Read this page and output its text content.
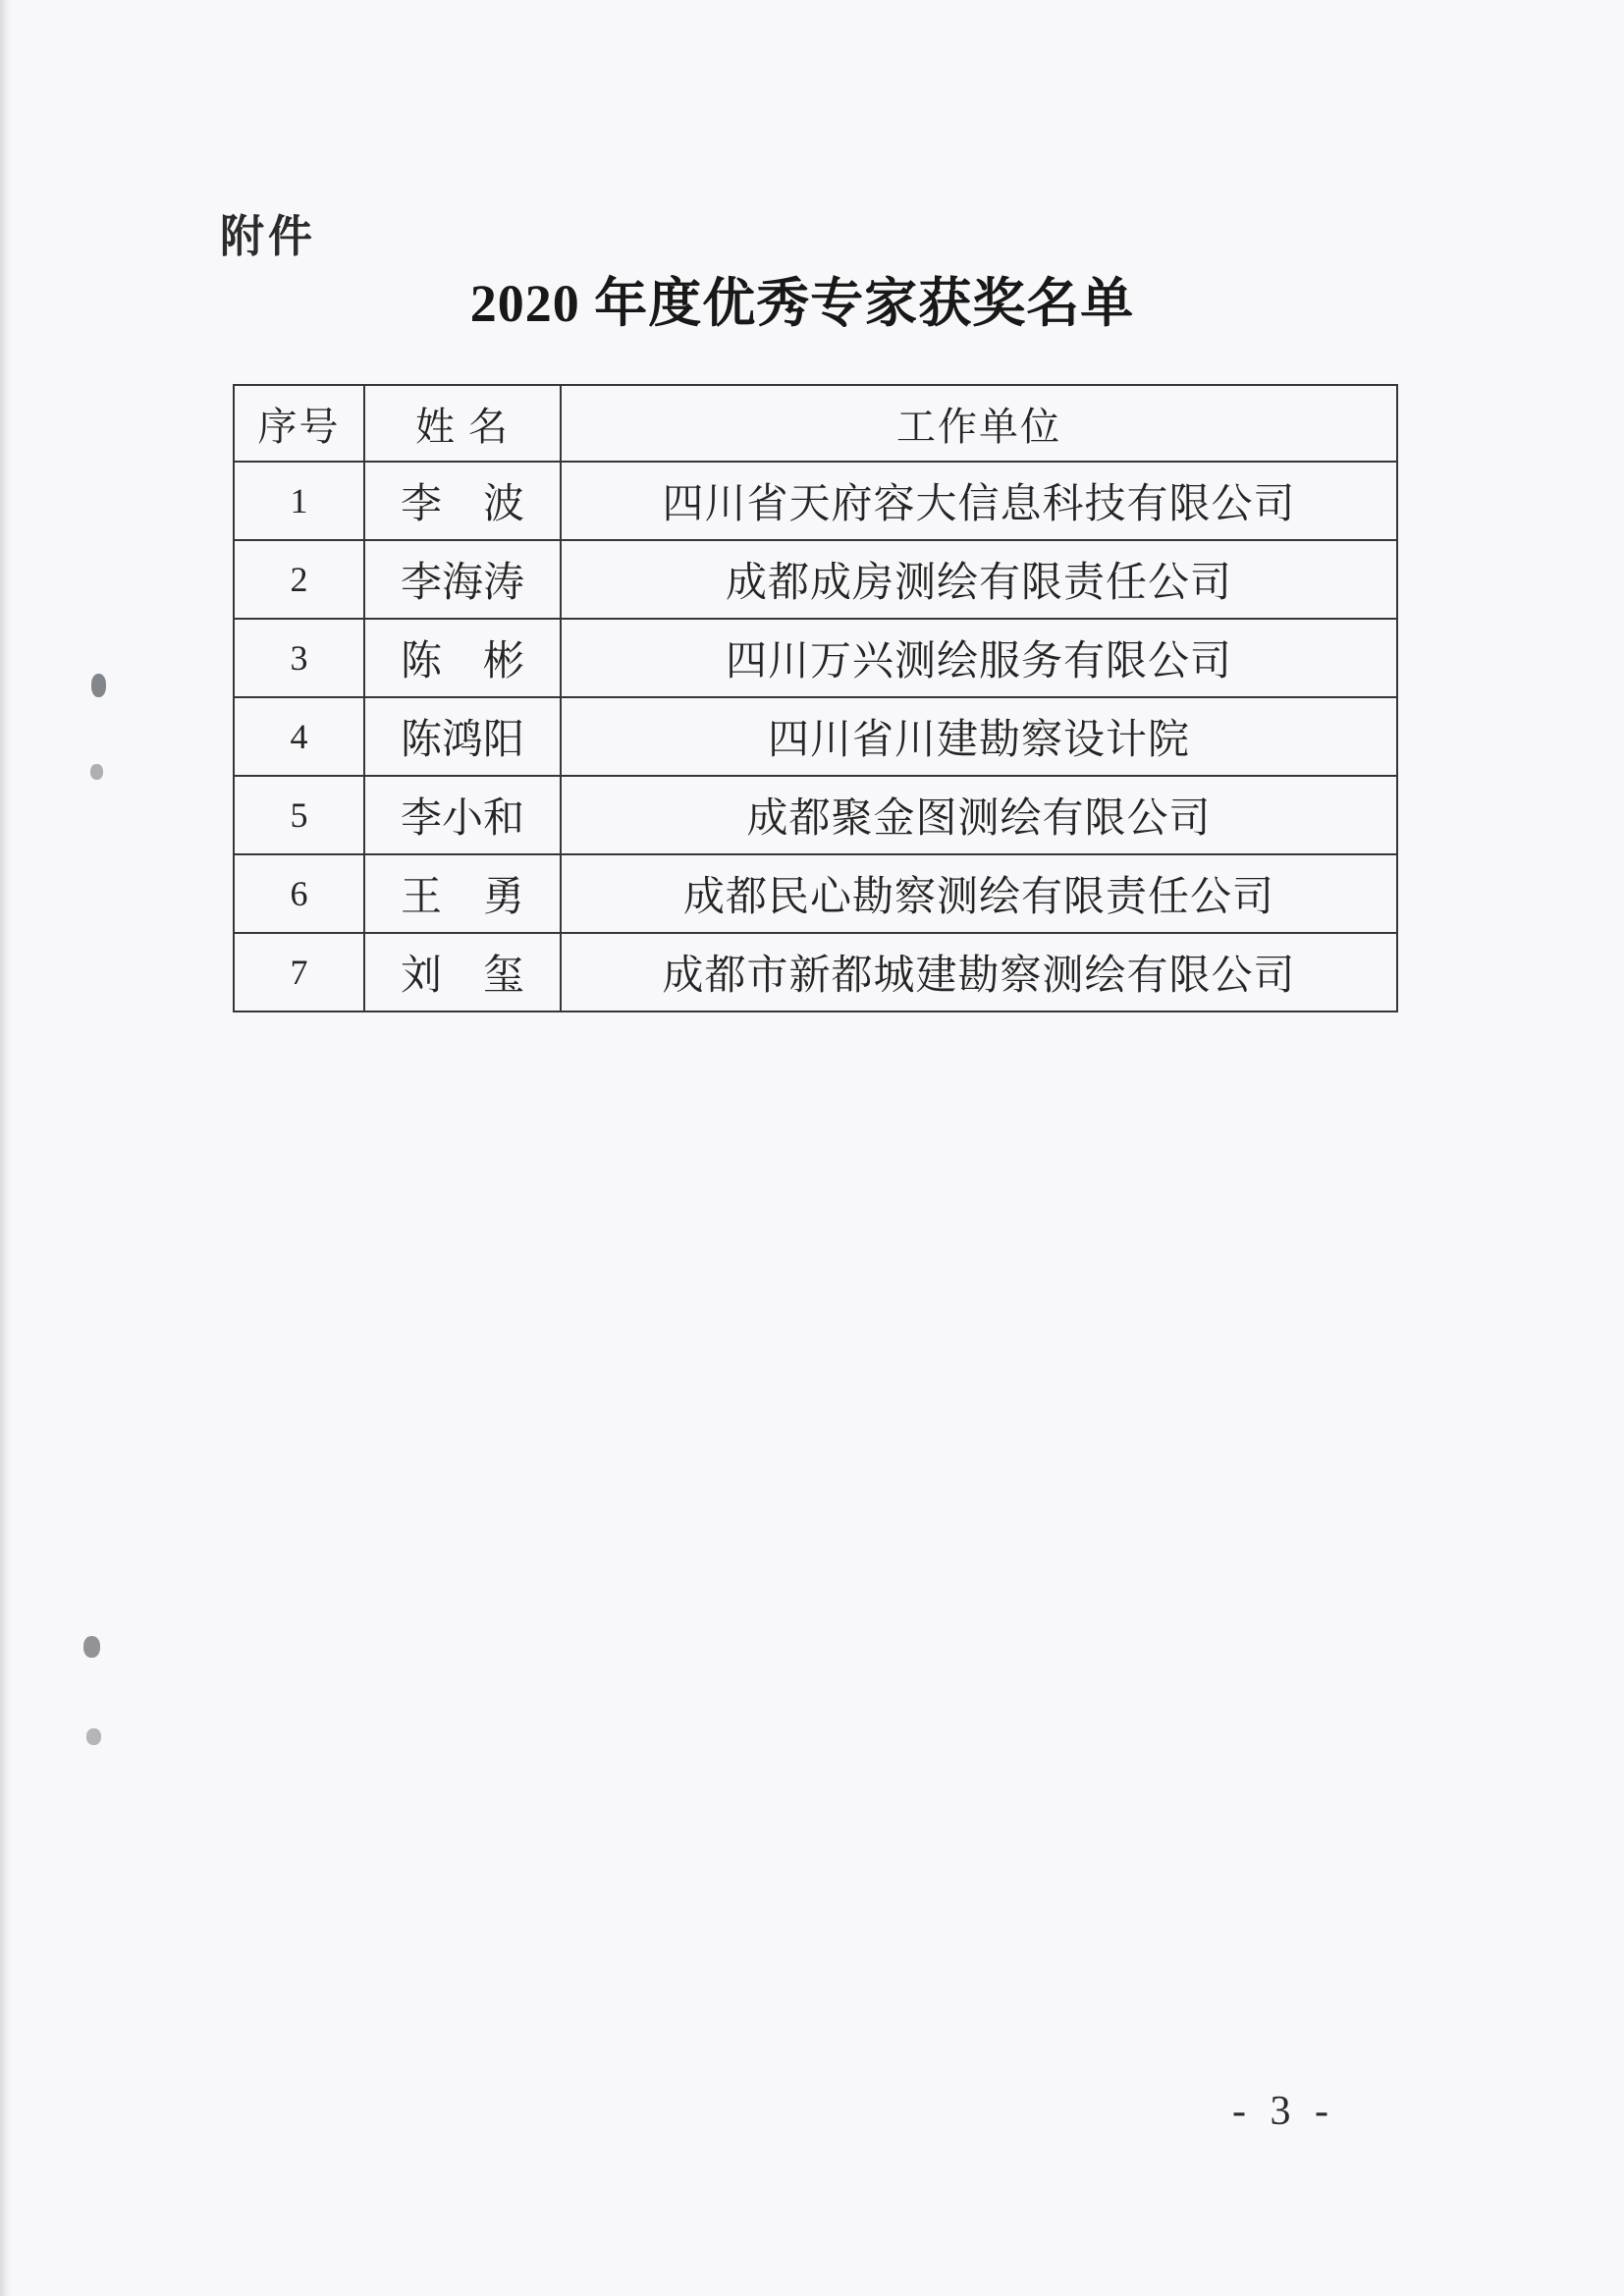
附件
2020 年度优秀专家获奖名单
序号	姓 名	工作单位
1	李　波	四川省天府容大信息科技有限公司
2	李海涛	成都成房测绘有限责任公司
3	陈　彬	四川万兴测绘服务有限公司
4	陈鸿阳	四川省川建勘察设计院
5	李小和	成都聚金图测绘有限公司
6	王　勇	成都民心勘察测绘有限责任公司
7	刘　玺	成都市新都城建勘察测绘有限公司
- 3 -
